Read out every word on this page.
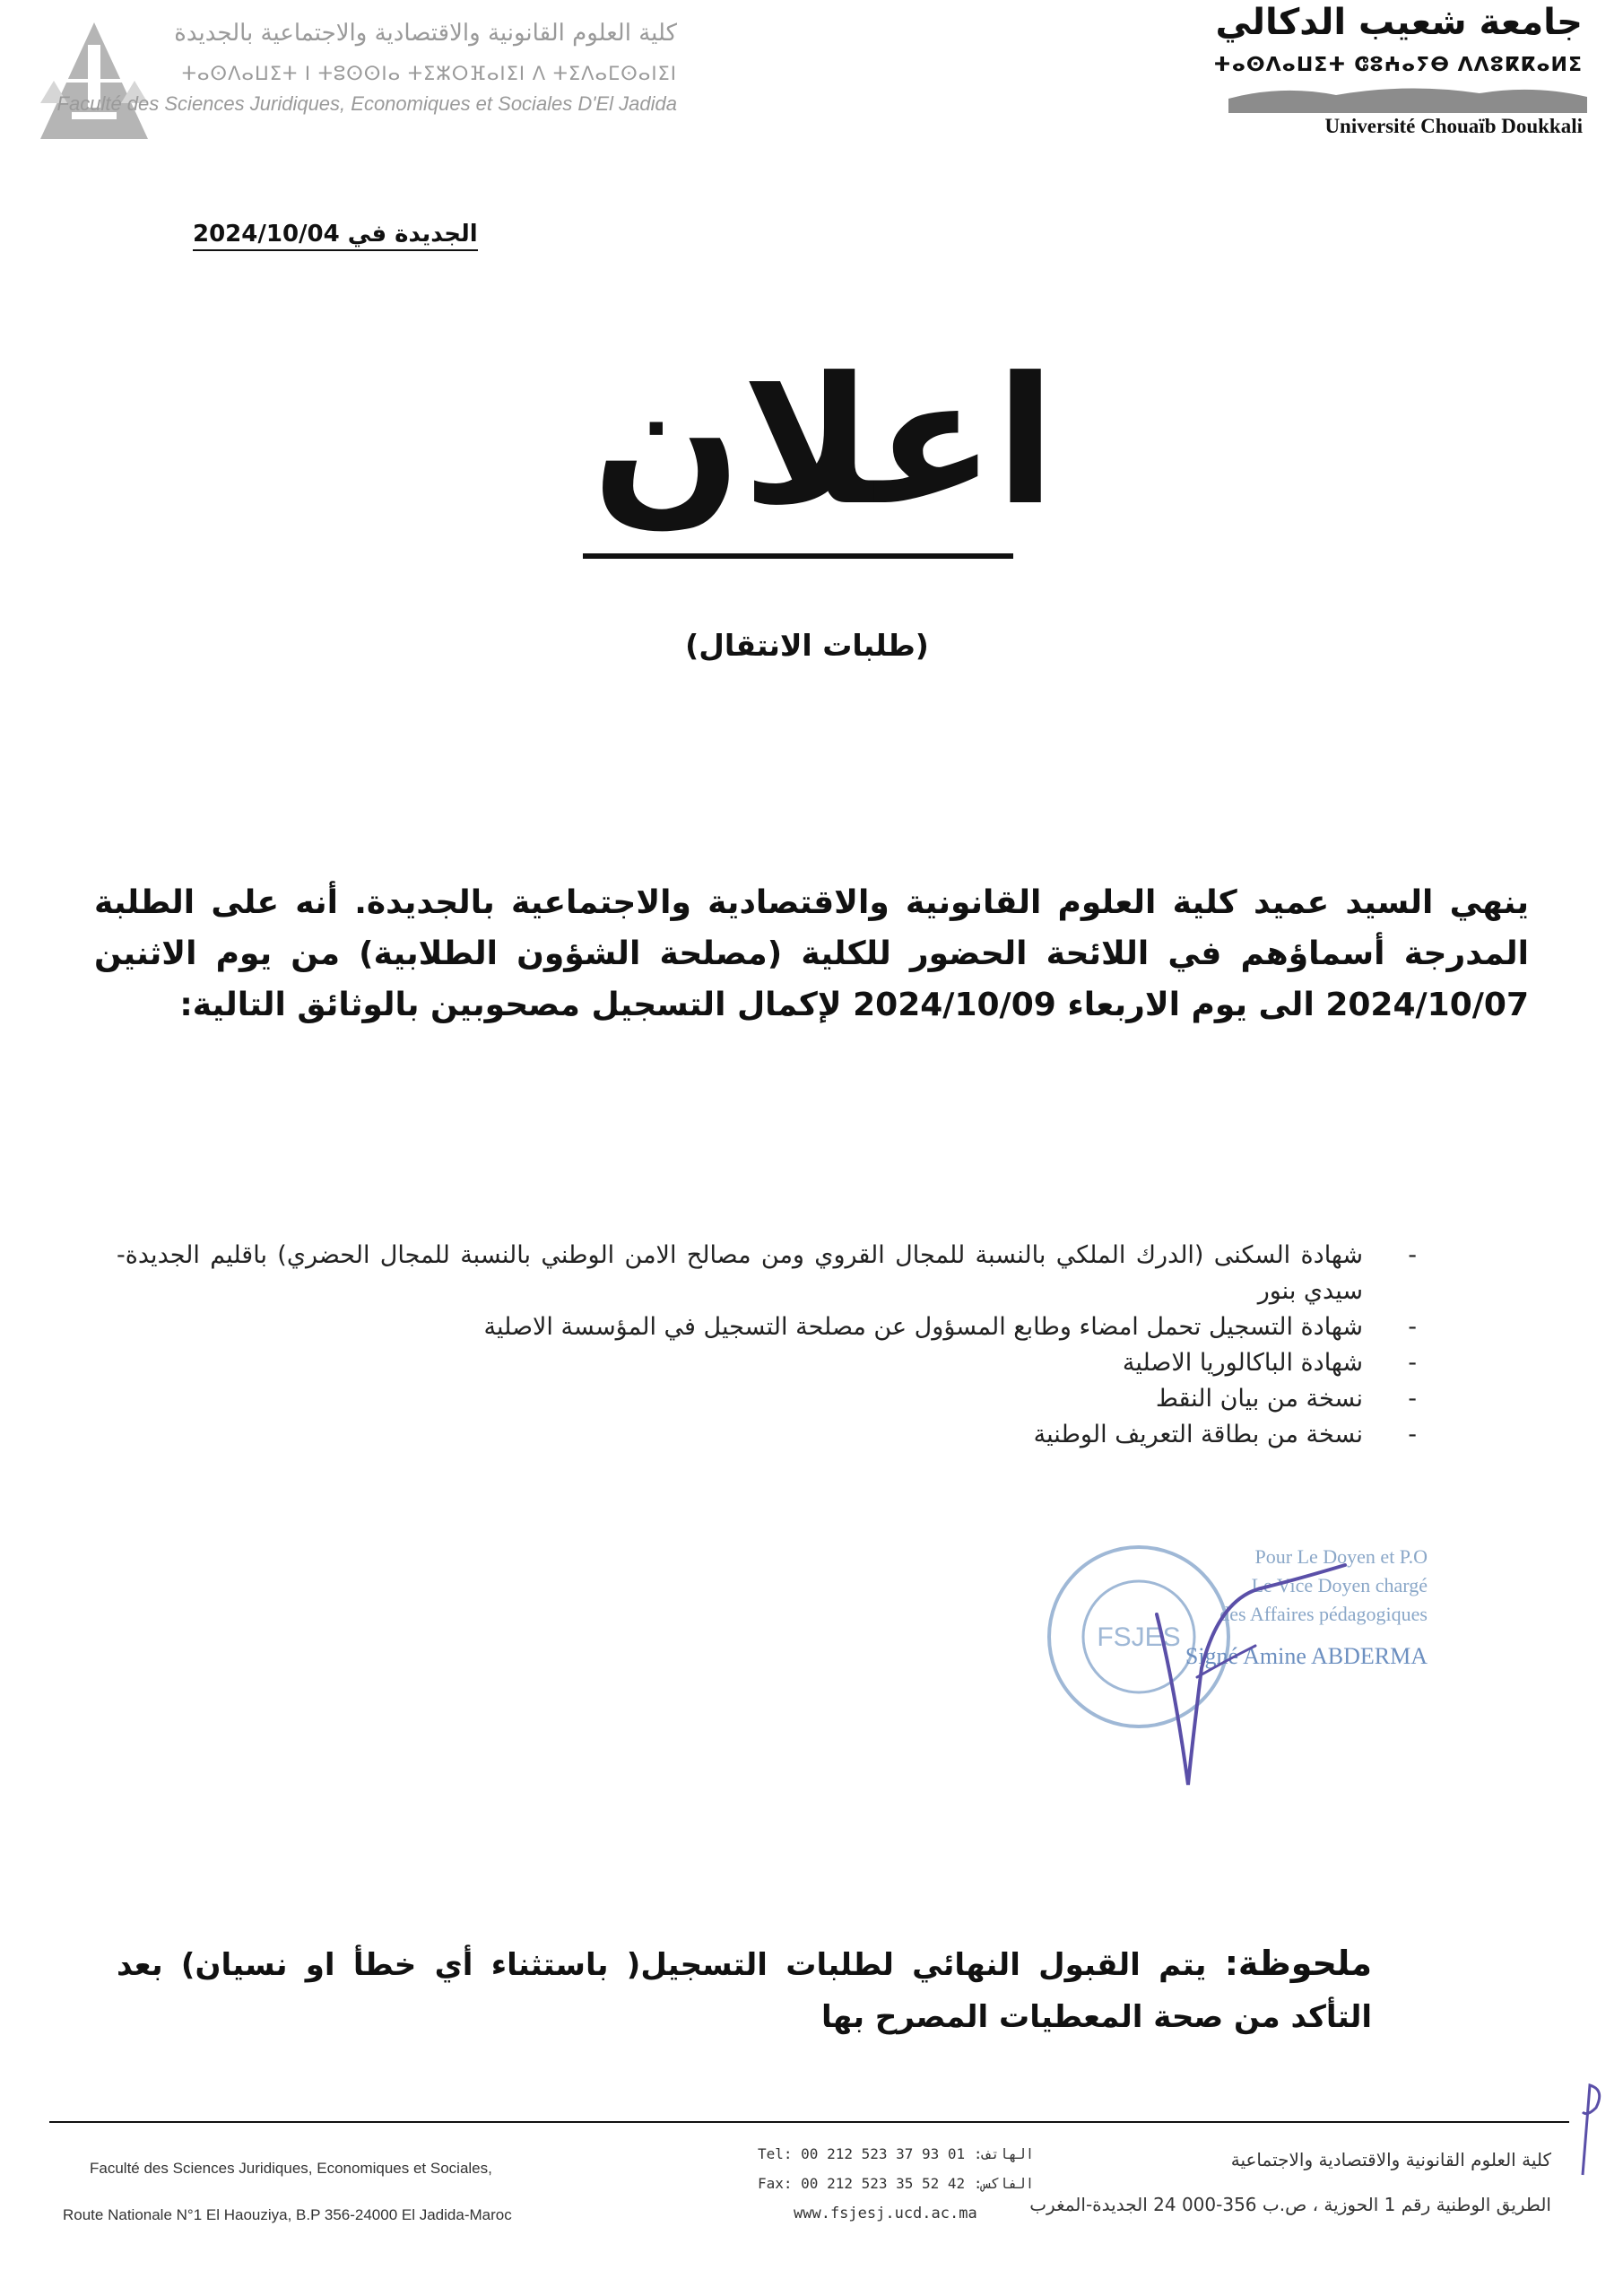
كلية العلوم القانونية والاقتصادية والاجتماعية بالجديدة
ⵜⴰⵙⴷⴰⵡⵉⵜ ⵏ ⵜⵓⵙⵙⵏⴰ ⵜⵉⵣⵔⴼⴰⵏⵉⵏ ⴷ ⵜⵉⴷⴰⵎⵙⴰⵏⵉⵏ
Faculté des Sciences Juridiques, Economiques et Sociales D'El Jadida
جامعة شعيب الدكالي
ⵜⴰⵙⴷⴰⵡⵉⵜ ⵛⵓⵄⴰⵢⴱ ⴷⴷⵓⴽⴽⴰⵍⵉ
Université Chouaïb Doukkali
الجديدة في 2024/10/04
اعلان
(طلبات الانتقال)
ينهي السيد عميد كلية العلوم القانونية والاقتصادية والاجتماعية بالجديدة. أنه على الطلبة المدرجة أسماؤهم في اللائحة الحضور للكلية (مصلحة الشؤون الطلابية) من يوم الاثنين 2024/10/07 الى يوم الاربعاء 2024/10/09 لإكمال التسجيل مصحوبين بالوثائق التالية:
- شهادة السكنى (الدرك الملكي بالنسبة للمجال القروي ومن مصالح الامن الوطني بالنسبة للمجال الحضري) باقليم الجديدة-سيدي بنور
- شهادة التسجيل تحمل امضاء وطابع المسؤول عن مصلحة التسجيل في المؤسسة الاصلية
- شهادة الباكالوريا الاصلية
- نسخة من بيان النقط
- نسخة من بطاقة التعريف الوطنية
FSJES
Pour Le Doyen et P.O
Le Vice Doyen chargé
des Affaires pédagogiques
Signé Amine ABDERMA
ملحوظة: يتم القبول النهائي لطلبات التسجيل( باستثناء أي خطأ او نسيان) بعد التأكد من صحة المعطيات المصرح بها
Faculté des Sciences Juridiques, Economiques et Sociales,
Route Nationale N°1 El Haouziya, B.P 356-24000 El Jadida-Maroc
Tel: 00 212 523 37 93 01 :الهاتف
Fax: 00 212 523 35 52 42 :الفاكس
www.fsjesj.ucd.ac.ma
كلية العلوم القانونية والاقتصادية والاجتماعية
الطريق الوطنية رقم 1 الحوزية ، ص.ب 356-000 24 الجديدة-المغرب
